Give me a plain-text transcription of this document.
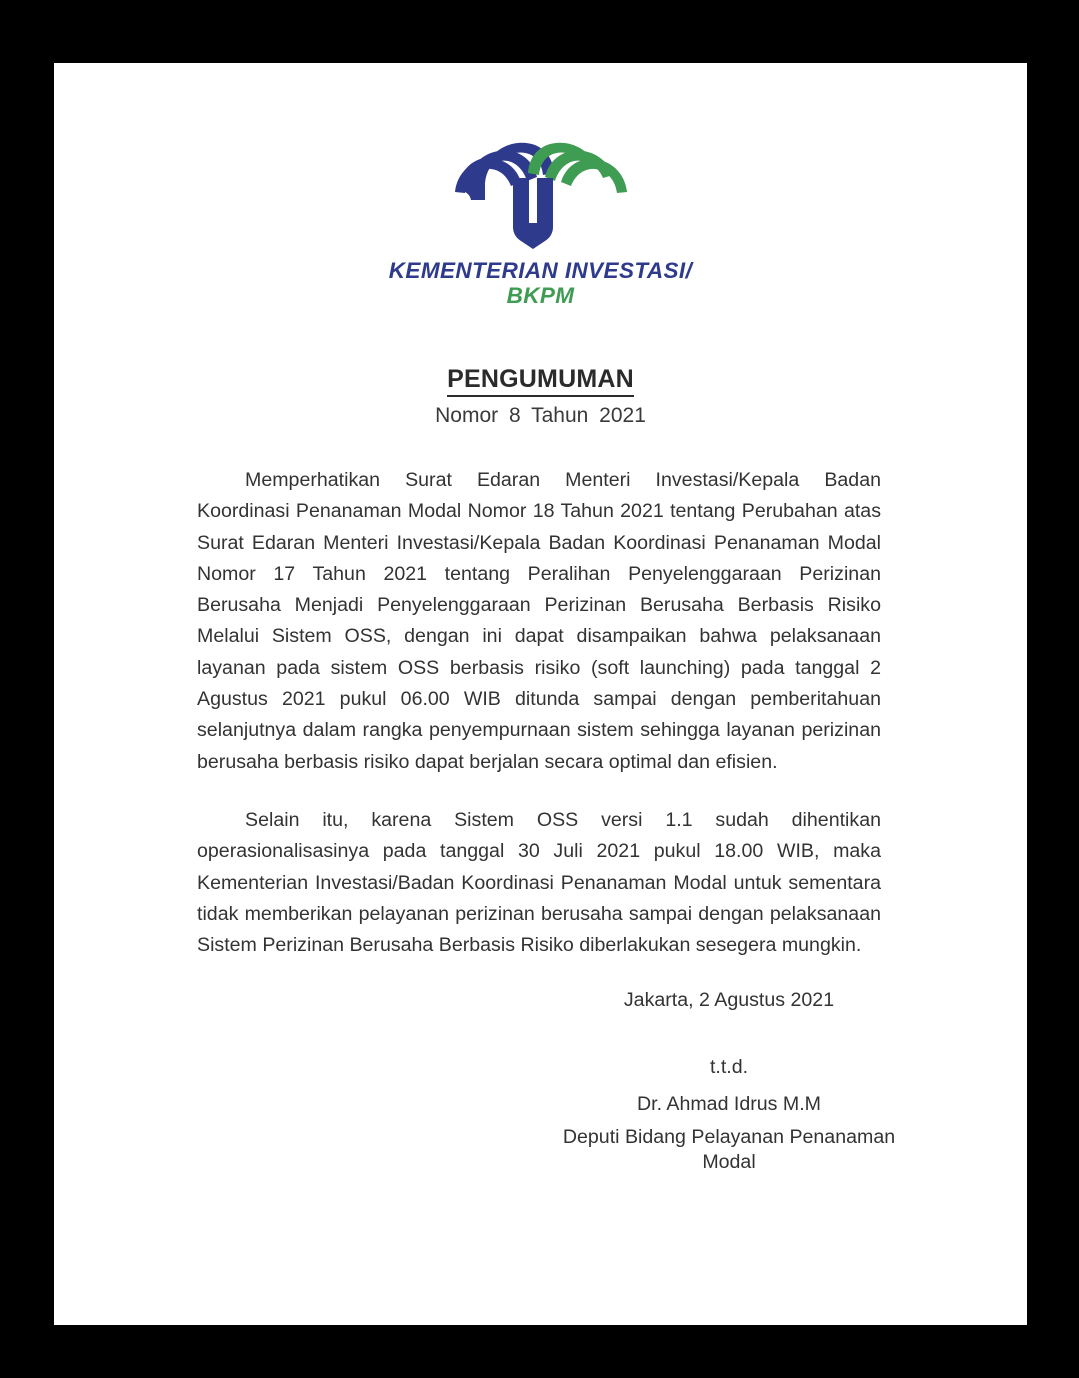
KEMENTERIAN INVESTASI/
BKPM
PENGUMUMAN
Nomor 8 Tahun 2021

Memperhatikan Surat Edaran Menteri Investasi/Kepala Badan Koordinasi Penanaman Modal Nomor 18 Tahun 2021 tentang Perubahan atas Surat Edaran Menteri Investasi/Kepala Badan Koordinasi Penanaman Modal Nomor 17 Tahun 2021 tentang Peralihan Penyelenggaraan Perizinan Berusaha Menjadi Penyelenggaraan Perizinan Berusaha Berbasis Risiko Melalui Sistem OSS, dengan ini dapat disampaikan bahwa pelaksanaan layanan pada sistem OSS berbasis risiko (soft launching) pada tanggal 2 Agustus 2021 pukul 06.00 WIB ditunda sampai dengan pemberitahuan selanjutnya dalam rangka penyempurnaan sistem sehingga layanan perizinan berusaha berbasis risiko dapat berjalan secara optimal dan efisien.

Selain itu, karena Sistem OSS versi 1.1 sudah dihentikan operasionalisasinya pada tanggal 30 Juli 2021 pukul 18.00 WIB, maka Kementerian Investasi/Badan Koordinasi Penanaman Modal untuk sementara tidak memberikan pelayanan perizinan berusaha sampai dengan pelaksanaan Sistem Perizinan Berusaha Berbasis Risiko diberlakukan sesegera mungkin.

Jakarta, 2 Agustus 2021
t.t.d.
Dr. Ahmad Idrus M.M
Deputi Bidang Pelayanan Penanaman Modal
